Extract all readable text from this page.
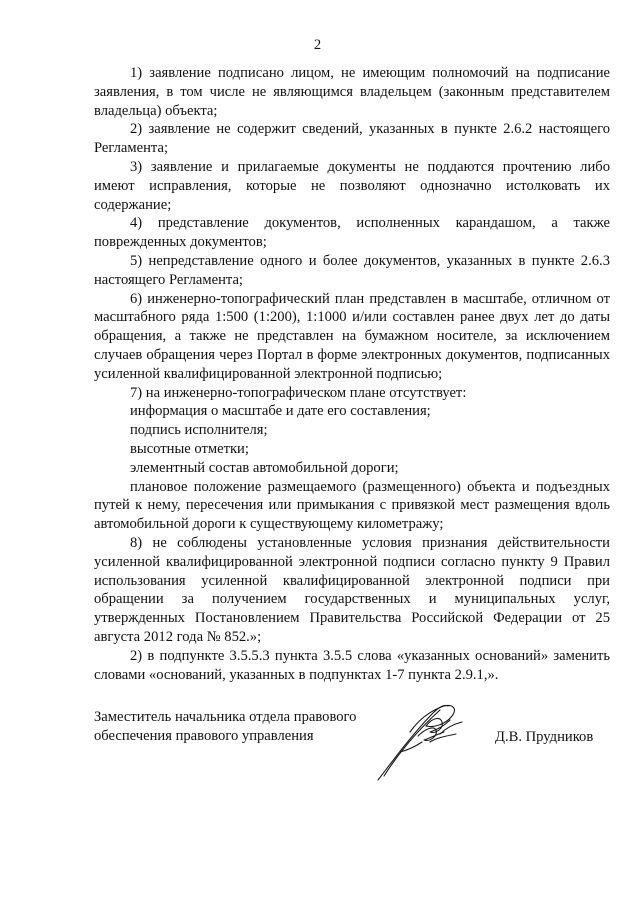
2

1) заявление подписано лицом, не имеющим полномочий на подписание заявления, в том числе не являющимся владельцем (законным представителем владельца) объекта;

2) заявление не содержит сведений, указанных в пункте 2.6.2 настоящего Регламента;

3) заявление и прилагаемые документы не поддаются прочтению либо имеют исправления, которые не позволяют однозначно истолковать их содержание;

4) представление документов, исполненных карандашом, а также поврежденных документов;

5) непредставление одного и более документов, указанных в пункте 2.6.3 настоящего Регламента;

6) инженерно-топографический план представлен в масштабе, отличном от масштабного ряда 1:500 (1:200), 1:1000 и/или составлен ранее двух лет до даты обращения, а также не представлен на бумажном носителе, за исключением случаев обращения через Портал в форме электронных документов, подписанных усиленной квалифицированной электронной подписью;

7) на инженерно-топографическом плане отсутствует:

информация о масштабе и дате его составления;

подпись исполнителя;

высотные отметки;

элементный состав автомобильной дороги;

плановое положение размещаемого (размещенного) объекта и подъездных путей к нему, пересечения или примыкания с привязкой мест размещения вдоль автомобильной дороги к существующему километражу;

8) не соблюдены установленные условия признания действительности усиленной квалифицированной электронной подписи согласно пункту 9 Правил использования усиленной квалифицированной электронной подписи при обращении за получением государственных и муниципальных услуг, утвержденных Постановлением Правительства Российской Федерации от 25 августа 2012 года № 852.»;

2) в подпункте 3.5.5.3 пункта 3.5.5 слова «указанных оснований» заменить словами «оснований, указанных в подпунктах 1-7 пункта 2.9.1,».

Заместитель начальника отдела правового
обеспечения правового управления	Д.В. Прудников
